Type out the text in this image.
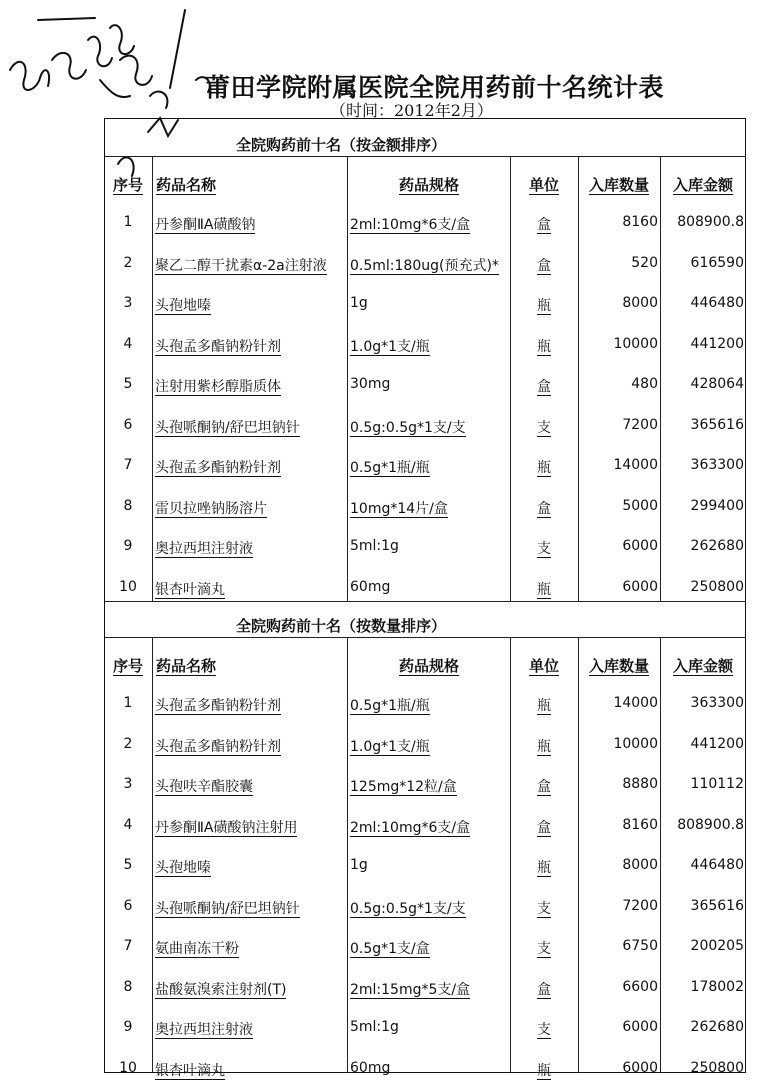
莆田学院附属医院全院用药前十名统计表
（时间：2012年2月）
全院购药前十名（按金额排序）
序号 药品名称	药品规格	单位	入库数量	入库金额
1	丹参酮ⅡA磺酸钠	2ml:10mg*6支/盒	盒	8160	808900.8
2	聚乙二醇干扰素α-2a注射液	0.5ml:180ug(预充式)*	盒	520	616590
3	头孢地嗪	1g	瓶	8000	446480
4	头孢孟多酯钠粉针剂	1.0g*1支/瓶	瓶	10000	441200
5	注射用紫杉醇脂质体	30mg	盒	480	428064
6	头孢哌酮钠/舒巴坦钠针	0.5g:0.5g*1支/支	支	7200	365616
7	头孢孟多酯钠粉针剂	0.5g*1瓶/瓶	瓶	14000	363300
8	雷贝拉唑钠肠溶片	10mg*14片/盒	盒	5000	299400
9	奥拉西坦注射液	5ml:1g	支	6000	262680
10	银杏叶滴丸	60mg	瓶	6000	250800
全院购药前十名（按数量排序）
序号 药品名称	药品规格	单位	入库数量	入库金额
1	头孢孟多酯钠粉针剂	0.5g*1瓶/瓶	瓶	14000	363300
2	头孢孟多酯钠粉针剂	1.0g*1支/瓶	瓶	10000	441200
3	头孢呋辛酯胶囊	125mg*12粒/盒	盒	8880	110112
4	丹参酮ⅡA磺酸钠注射用	2ml:10mg*6支/盒	盒	8160	808900.8
5	头孢地嗪	1g	瓶	8000	446480
6	头孢哌酮钠/舒巴坦钠针	0.5g:0.5g*1支/支	支	7200	365616
7	氨曲南冻干粉	0.5g*1支/盒	支	6750	200205
8	盐酸氨溴索注射剂(T)	2ml:15mg*5支/盒	盒	6600	178002
9	奥拉西坦注射液	5ml:1g	支	6000	262680
10	银杏叶滴丸	60mg	瓶	6000	250800
